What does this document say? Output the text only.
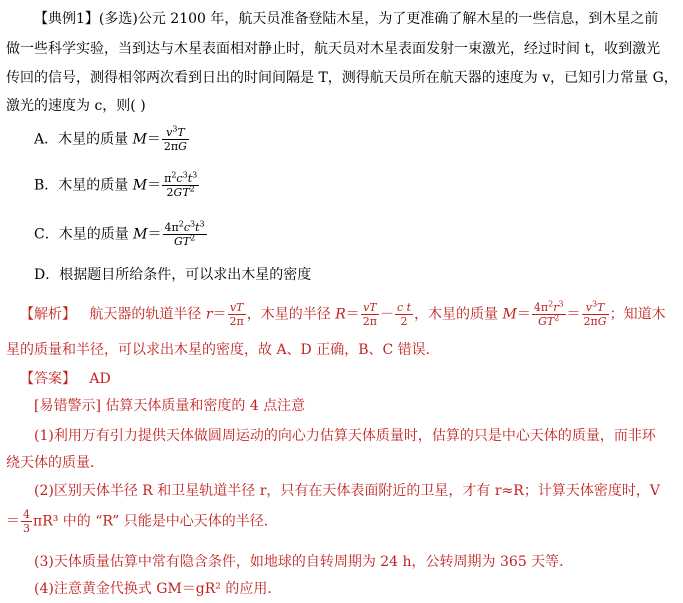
【典例1】(多选)公元 2100 年，航天员准备登陆木星，为了更准确了解木星的一些信息，到木星之前
做一些科学实验，当到达与木星表面相对静止时，航天员对木星表面发射一束激光，经过时间 t，收到激光
传回的信号，测得相邻两次看到日出的时间间隔是 T，测得航天员所在航天器的速度为 v，已知引力常量 G，
激光的速度为 c，则( )
A．木星的质量 $M= \frac{v^3T}{2\pi G}$
B．木星的质量 $M= \frac{\pi^2c^3t^3}{2GT^2}$
C．木星的质量 $M= \frac{4\pi^2c^3t^3}{GT^2}$
D．根据题目所给条件，可以求出木星的密度
【解析】 航天器的轨道半径 $r= \frac{vT}{2\pi}$ ，木星的半径 $R= \frac{vT}{2\pi} - \frac{\text{c t}}{2}$ ，木星的质量 $M= \frac{4\pi^2r^3}{GT^2} = \frac{v^3T}{2\pi G}$ ；知道木
星的质量和半径，可以求出木星的密度，故 A、D 正确，B、C 错误．
【答案】 AD
[易错警示] 估算天体质量和密度的 4 点注意
(1)利用万有引力提供天体做圆周运动的向心力估算天体质量时，估算的只是中心天体的质量，而非环
绕天体的质量．
(2)区别天体半径 R 和卫星轨道半径 r，只有在天体表面附近的卫星，才有 r≈R；计算天体密度时，V
＝ $\frac{4}{3} \pi R^3$ 中的 “R” 只能是中心天体的半径．
(3)天体质量估算中常有隐含条件，如地球的自转周期为 24 h，公转周期为 365 天等．
(4)注意黄金代换式 GM＝gR² 的应用．
